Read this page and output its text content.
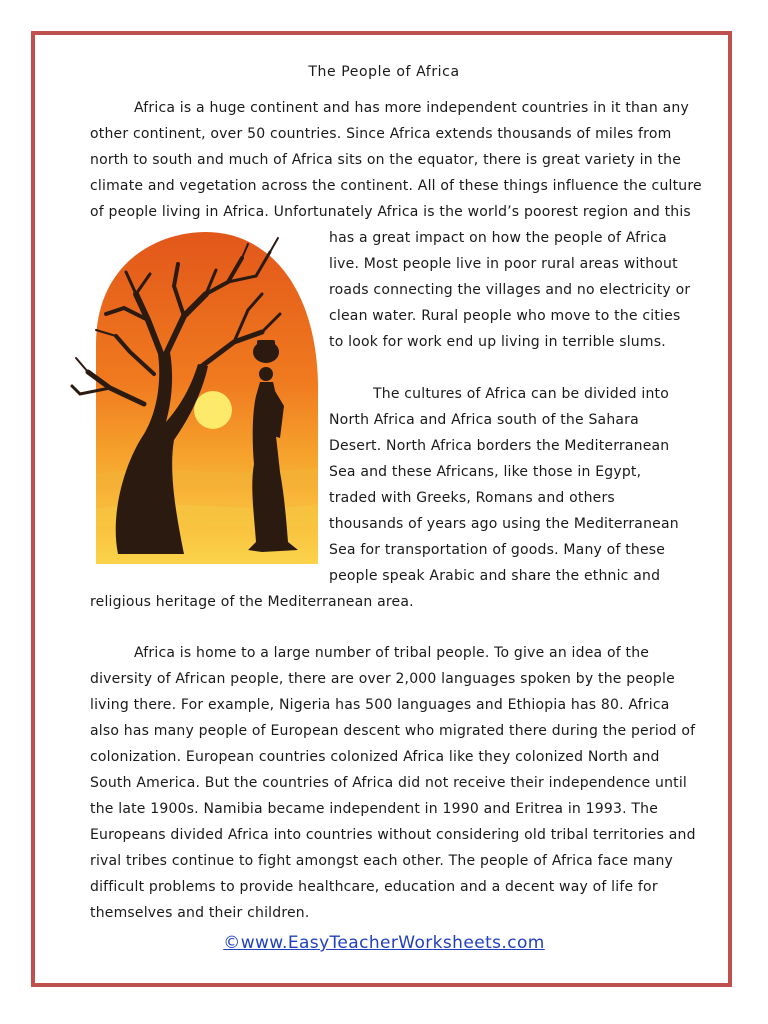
The People of Africa
Africa is a huge continent and has more independent countries in it than any
other continent, over 50 countries. Since Africa extends thousands of miles from
north to south and much of Africa sits on the equator, there is great variety in the
climate and vegetation across the continent. All of these things influence the culture
of people living in Africa. Unfortunately Africa is the world’s poorest region and this
has a great impact on how the people of Africa
live. Most people live in poor rural areas without
roads connecting the villages and no electricity or
clean water. Rural people who move to the cities
to look for work end up living in terrible slums.
The cultures of Africa can be divided into
North Africa and Africa south of the Sahara
Desert. North Africa borders the Mediterranean
Sea and these Africans, like those in Egypt,
traded with Greeks, Romans and others
thousands of years ago using the Mediterranean
Sea for transportation of goods. Many of these
people speak Arabic and share the ethnic and
religious heritage of the Mediterranean area.
Africa is home to a large number of tribal people. To give an idea of the
diversity of African people, there are over 2,000 languages spoken by the people
living there. For example, Nigeria has 500 languages and Ethiopia has 80. Africa
also has many people of European descent who migrated there during the period of
colonization. European countries colonized Africa like they colonized North and
South America. But the countries of Africa did not receive their independence until
the late 1900s. Namibia became independent in 1990 and Eritrea in 1993. The
Europeans divided Africa into countries without considering old tribal territories and
rival tribes continue to fight amongst each other. The people of Africa face many
difficult problems to provide healthcare, education and a decent way of life for
themselves and their children.
©www.EasyTeacherWorksheets.com
